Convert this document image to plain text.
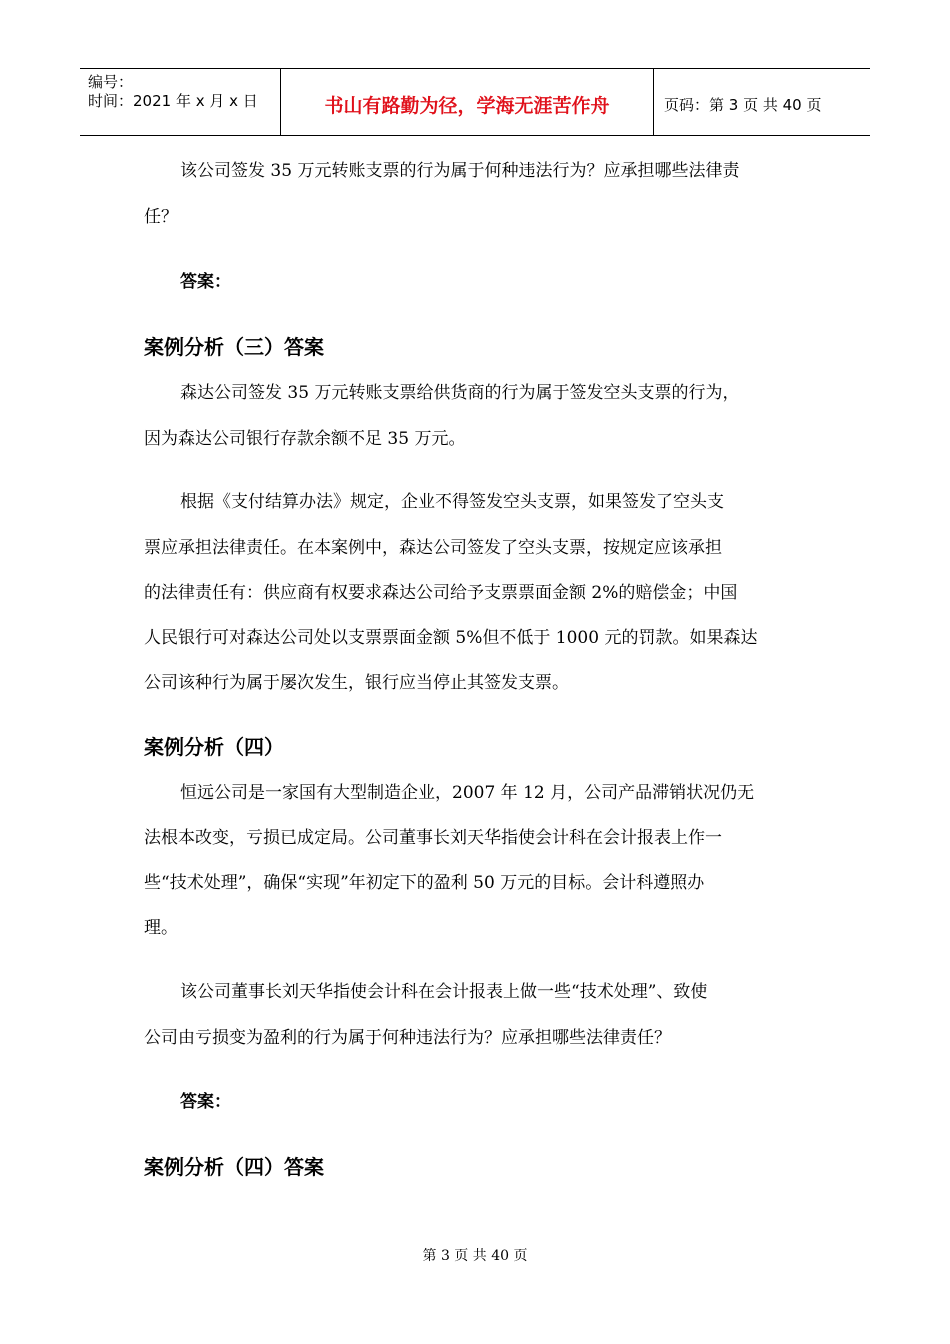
编号：
时间：2021 年 x 月 x 日	书山有路勤为径，学海无涯苦作舟	页码：第 3 页 共 40 页
该公司签发 35 万元转账支票的行为属于何种违法行为？应承担哪些法律责
任？
答案：
案例分析（三）答案
森达公司签发 35 万元转账支票给供货商的行为属于签发空头支票的行为，
因为森达公司银行存款余额不足 35 万元。
根据《支付结算办法》规定，企业不得签发空头支票，如果签发了空头支
票应承担法律责任。在本案例中，森达公司签发了空头支票，按规定应该承担
的法律责任有：供应商有权要求森达公司给予支票票面金额 2%的赔偿金；中国
人民银行可对森达公司处以支票票面金额 5%但不低于 1000 元的罚款。如果森达
公司该种行为属于屡次发生，银行应当停止其签发支票。
案例分析（四）
恒远公司是一家国有大型制造企业，2007 年 12 月，公司产品滞销状况仍无
法根本改变，亏损已成定局。公司董事长刘天华指使会计科在会计报表上作一
些“技术处理”，确保“实现”年初定下的盈利 50 万元的目标。会计科遵照办
理。
该公司董事长刘天华指使会计科在会计报表上做一些“技术处理”、致使
公司由亏损变为盈利的行为属于何种违法行为？应承担哪些法律责任？
答案：
案例分析（四）答案
第 3 页 共 40 页
